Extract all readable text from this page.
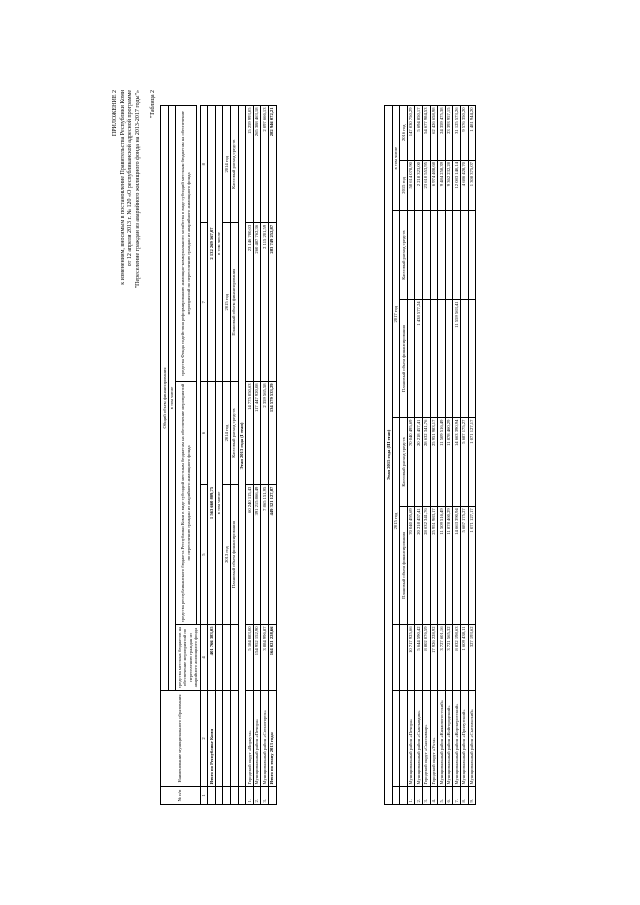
ПРИЛОЖЕНИЕ 2 к изменениям, вносимым в постановление Правительства Республики Коми от 12 апреля 2013 г. № 120 «О республиканской адресной программе "Переселение граждан из аварийного жилищного фонда на 2013-2017 годы"» "Таблица 2
№ п/п	Наименование муниципального образования	Общий объем финансирования				
		в том числе				
		средства местных бюджетов на обеспечение мероприятий по переселению граждан из аварийного жилищного фонда	средства республиканского бюджета Республики Коми в виде субсидий местным бюджетам на обеспечение мероприятий по переселению граждан из аварийного жилищного фонда		средства Фонда содействия реформированию жилищно-коммунального хозяйства в виде субсидий местным бюджетам на обеспечение мероприятий по переселению граждан из аварийного жилищного фонда	

1	2	4	5	6	7	8
	Итого по Республике Коми	401 766 383,05	1 563 660 809,75		2 132 269 567,07	
			в том числе		в том числе	
			2013 год	2014 год	2015 год	2014 год
			Плановый объем финансирования	Кассовый расход средств	Плановый объем финансирования	Кассовый расход средств
	Этап 2013 года (I этап)					
1.	Городской округ «Воркута»	5 184 083,00	60 240 115,43	14 775 050,63	23 146 700,03	15 259 993,05
2.	Муниципальный район «Печора»	154 952 152,90	391 215 866,49	117 447 920,08	260 487 762,36	265 388 463,18
3.	Муниципальный район «Сосногорск»	3 884 996,87	7 865 151,95	2 359 565,58	2 115 201,59	2 097 666,13
	Итого по этапу 2013 года:	164 021 228,66	449 321 127,87	134 579 533,29	283 749 252,87	282 946 072,21
Этап 2015 года (III этап)								
			2015 год		2017 год		в том числе	
			Плановый объем финансирования	Кассовый расход средств	Плановый объем финансирования	Кассовый расход средств	2015 год	2016 год
1.	Муниципальный район «Печора»	10 717 925,66	70 040 495,69	70 040 495,69			58 614 078,90	147 030 750,29
2.	Муниципальный район «Сыктывдин»	5 644 590,42	20 218 457,41	20 218 457,41	1 438 577,24		2 218 323,00	5 694 850,17
3.	Городской округ «Сыктывкар»	8 802 076,59	28 632 341,76	28 632 341,76			23 610 553,95	54 677 984,53
4.	Городской округ «Ухта»	17 926 228,92	25 951 983,17	25 951 983,17			6 974 408,68	62 426 658,98
5.	Муниципальный район «Княжпогостский»	3 727 601,16	11 509 516,49	11 509 516,49			9 484 258,39	24 359 475,38
6.	Муниципальный район «Койгородский»	3 721 565,32	11 878 460,29	11 878 460,29			9 362 232,28	23 393 957,15
7.	Муниципальный район «Корткеросский»	8 832 198,63	14 663 390,94	14 663 390,94	11 559 563,41		12 083 140,14	31 125 573,26
8.	Муниципальный район «Прилузский»	1 609 438,11	5 687 175,27	5 687 175,27			4 686 428,70	9 576 350,20
9.	Муниципальный район «Сысольский»	327 193,62	1 071 127,17	1 071 127,17			1 308 375,07	1 481 944,20
